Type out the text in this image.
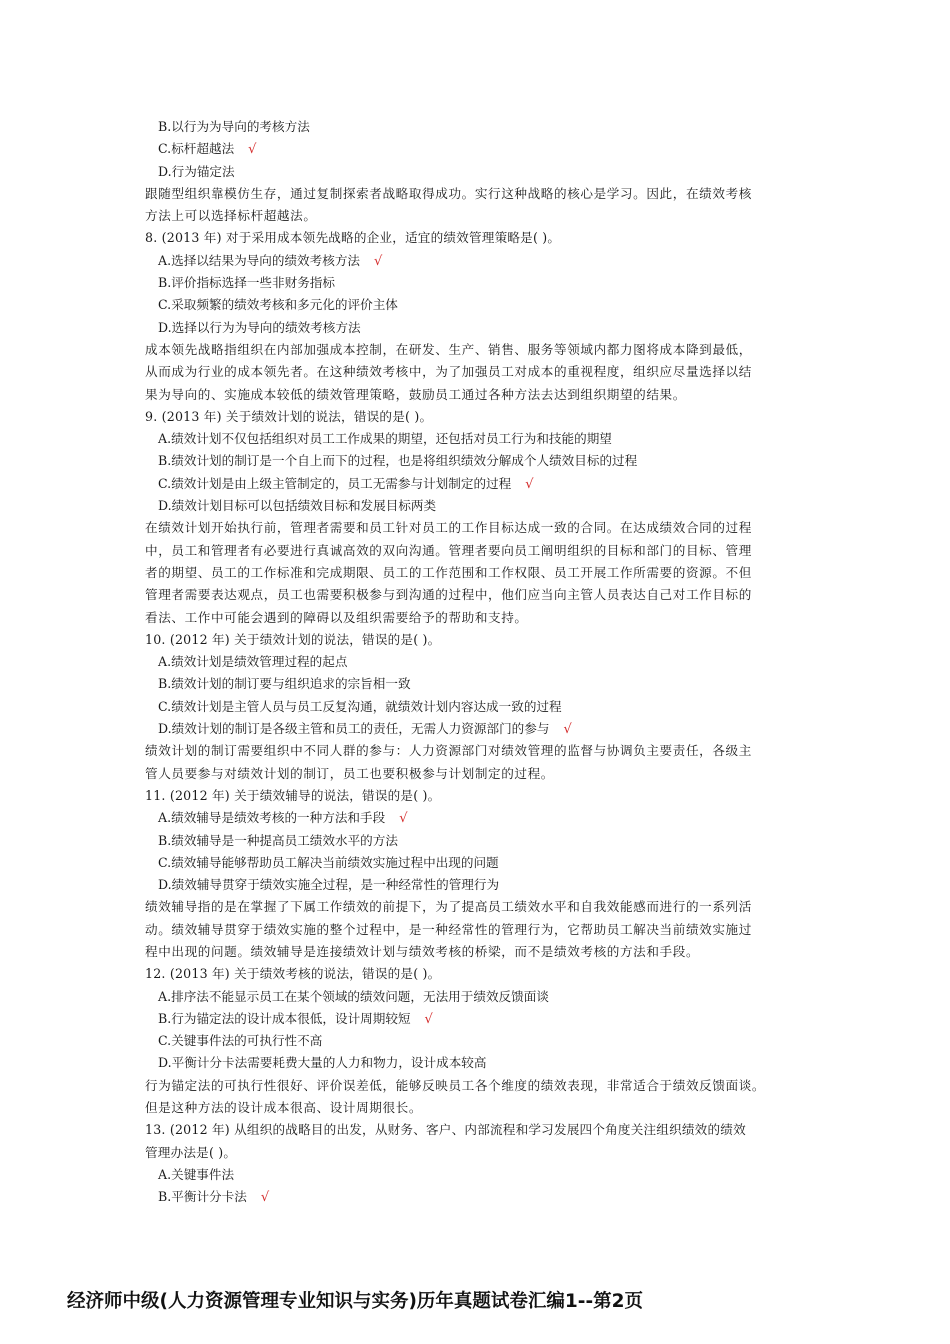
B.以行为为导向的考核方法
C.标杆超越法 √
D.行为锚定法
跟随型组织靠模仿生存，通过复制探索者战略取得成功。实行这种战略的核心是学习。因此，在绩效考核
方法上可以选择标杆超越法。
8. (2013 年) 对于采用成本领先战略的企业，适宜的绩效管理策略是( )。
A.选择以结果为导向的绩效考核方法 √
B.评价指标选择一些非财务指标
C.采取频繁的绩效考核和多元化的评价主体
D.选择以行为为导向的绩效考核方法
成本领先战略指组织在内部加强成本控制，在研发、生产、销售、服务等领域内都力图将成本降到最低，
从而成为行业的成本领先者。在这种绩效考核中，为了加强员工对成本的重视程度，组织应尽量选择以结
果为导向的、实施成本较低的绩效管理策略，鼓励员工通过各种方法去达到组织期望的结果。
9. (2013 年) 关于绩效计划的说法，错误的是( )。
A.绩效计划不仅包括组织对员工工作成果的期望，还包括对员工行为和技能的期望
B.绩效计划的制订是一个自上而下的过程，也是将组织绩效分解成个人绩效目标的过程
C.绩效计划是由上级主管制定的，员工无需参与计划制定的过程 √
D.绩效计划目标可以包括绩效目标和发展目标两类
在绩效计划开始执行前，管理者需要和员工针对员工的工作目标达成一致的合同。在达成绩效合同的过程
中，员工和管理者有必要进行真诚高效的双向沟通。管理者要向员工阐明组织的目标和部门的目标、管理
者的期望、员工的工作标准和完成期限、员工的工作范围和工作权限、员工开展工作所需要的资源。不但
管理者需要表达观点，员工也需要积极参与到沟通的过程中，他们应当向主管人员表达自己对工作目标的
看法、工作中可能会遇到的障碍以及组织需要给予的帮助和支持。
10. (2012 年) 关于绩效计划的说法，错误的是( )。
A.绩效计划是绩效管理过程的起点
B.绩效计划的制订要与组织追求的宗旨相一致
C.绩效计划是主管人员与员工反复沟通，就绩效计划内容达成一致的过程
D.绩效计划的制订是各级主管和员工的责任，无需人力资源部门的参与 √
绩效计划的制订需要组织中不同人群的参与：人力资源部门对绩效管理的监督与协调负主要责任，各级主
管人员要参与对绩效计划的制订，员工也要积极参与计划制定的过程。
11. (2012 年) 关于绩效辅导的说法，错误的是( )。
A.绩效辅导是绩效考核的一种方法和手段 √
B.绩效辅导是一种提高员工绩效水平的方法
C.绩效辅导能够帮助员工解决当前绩效实施过程中出现的问题
D.绩效辅导贯穿于绩效实施全过程，是一种经常性的管理行为
绩效辅导指的是在掌握了下属工作绩效的前提下，为了提高员工绩效水平和自我效能感而进行的一系列活
动。绩效辅导贯穿于绩效实施的整个过程中，是一种经常性的管理行为，它帮助员工解决当前绩效实施过
程中出现的问题。绩效辅导是连接绩效计划与绩效考核的桥梁，而不是绩效考核的方法和手段。
12. (2013 年) 关于绩效考核的说法，错误的是( )。
A.排序法不能显示员工在某个领域的绩效问题，无法用于绩效反馈面谈
B.行为锚定法的设计成本很低，设计周期较短 √
C.关键事件法的可执行性不高
D.平衡计分卡法需要耗费大量的人力和物力，设计成本较高
行为锚定法的可执行性很好、评价误差低，能够反映员工各个维度的绩效表现，非常适合于绩效反馈面谈。
但是这种方法的设计成本很高、设计周期很长。
13. (2012 年) 从组织的战略目的出发，从财务、客户、内部流程和学习发展四个角度关注组织绩效的绩效
管理办法是( )。
A.关键事件法
B.平衡计分卡法 √
经济师中级(人力资源管理专业知识与实务)历年真题试卷汇编1--第2页
